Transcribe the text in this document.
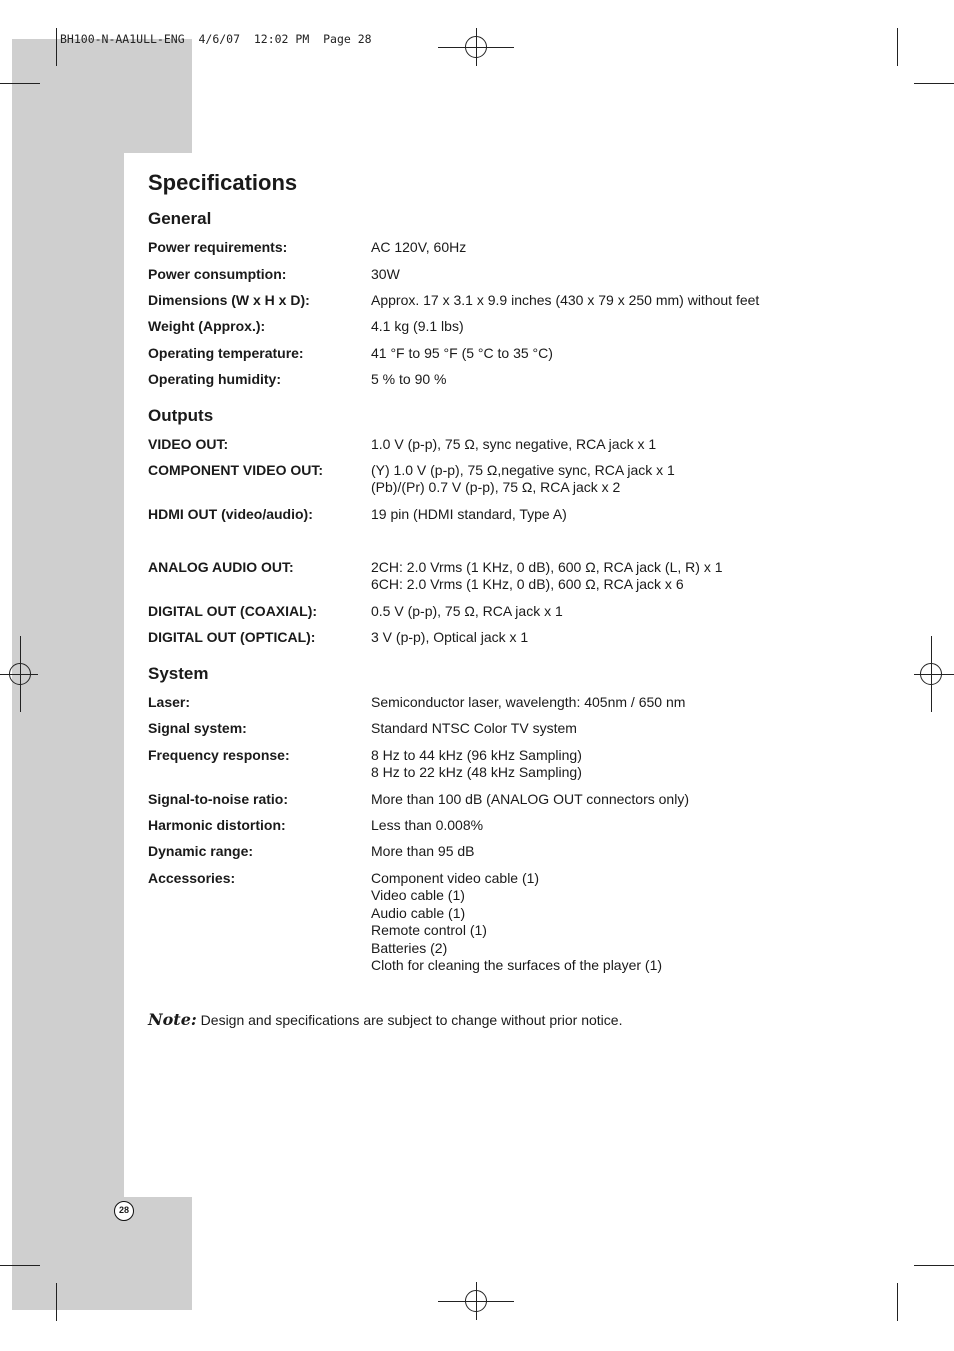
BH100-N-AA1ULL-ENG  4/6/07  12:02 PM  Page 28
Specifications
General
Power requirements:	AC 120V, 60Hz
Power consumption:	30W
Dimensions (W x H x D):	Approx. 17 x 3.1 x 9.9 inches (430 x 79 x 250 mm) without feet
Weight (Approx.):	4.1 kg (9.1 lbs)
Operating temperature:	41 °F to 95 °F (5 °C to 35 °C)
Operating humidity:	5 % to 90 %
Outputs
VIDEO OUT:	1.0 V (p-p), 75 Ω, sync negative, RCA jack x 1
COMPONENT VIDEO OUT:	(Y) 1.0 V (p-p), 75 Ω,negative sync, RCA jack x 1
(Pb)/(Pr) 0.7 V (p-p), 75 Ω, RCA jack x 2
HDMI OUT (video/audio):	19 pin (HDMI standard, Type A)
ANALOG AUDIO OUT:	2CH: 2.0 Vrms (1 KHz, 0 dB), 600 Ω, RCA jack (L, R) x 1
6CH: 2.0 Vrms (1 KHz, 0 dB), 600 Ω, RCA jack x 6
DIGITAL OUT (COAXIAL):	0.5 V (p-p), 75 Ω, RCA jack x 1
DIGITAL OUT (OPTICAL):	3 V (p-p), Optical jack x 1
System
Laser:	Semiconductor laser, wavelength: 405nm / 650 nm
Signal system:	Standard NTSC Color TV system
Frequency response:	8 Hz to 44 kHz (96 kHz Sampling)
8 Hz to 22 kHz (48 kHz Sampling)
Signal-to-noise ratio:	More than 100 dB (ANALOG OUT connectors only)
Harmonic distortion:	Less than 0.008%
Dynamic range:	More than 95 dB
Accessories:	Component video cable (1)
Video cable (1)
Audio cable (1)
Remote control (1)
Batteries (2)
Cloth for cleaning the surfaces of the player (1)
Note: Design and specifications are subject to change without prior notice.
28
